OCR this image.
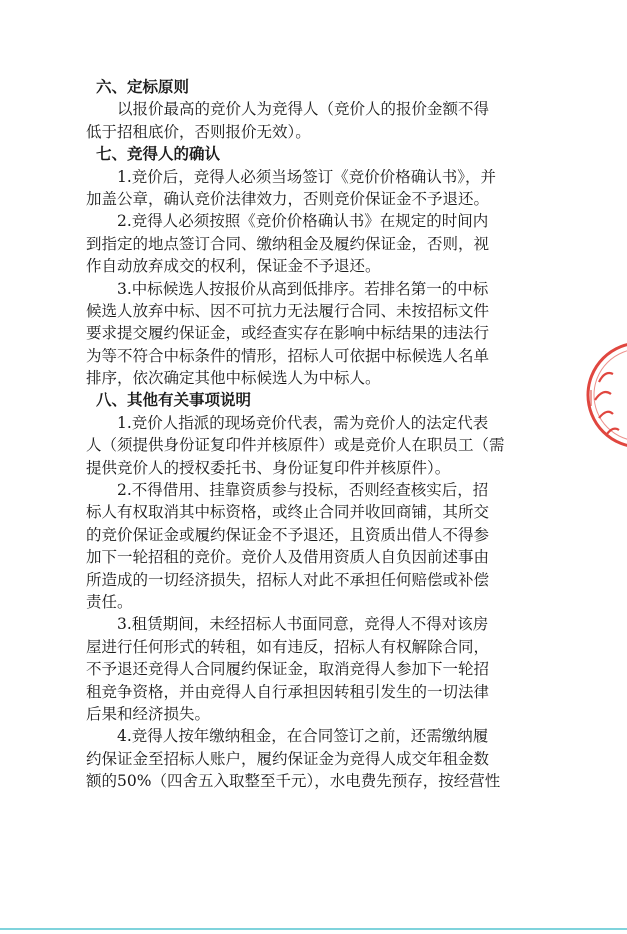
六、定标原则
以报价最高的竞价人为竞得人（竞价人的报价金额不得
低于招租底价，否则报价无效）。
七、竞得人的确认
1.竞价后，竞得人必须当场签订《竞价价格确认书》，并
加盖公章，确认竞价法律效力，否则竞价保证金不予退还。
2.竞得人必须按照《竞价价格确认书》在规定的时间内
到指定的地点签订合同、缴纳租金及履约保证金，否则，视
作自动放弃成交的权利，保证金不予退还。
3.中标候选人按报价从高到低排序。若排名第一的中标
候选人放弃中标、因不可抗力无法履行合同、未按招标文件
要求提交履约保证金，或经查实存在影响中标结果的违法行
为等不符合中标条件的情形，招标人可依据中标候选人名单
排序，依次确定其他中标候选人为中标人。
八、其他有关事项说明
1.竞价人指派的现场竞价代表，需为竞价人的法定代表
人（须提供身份证复印件并核原件）或是竞价人在职员工（需
提供竞价人的授权委托书、身份证复印件并核原件）。
2.不得借用、挂靠资质参与投标，否则经查核实后，招
标人有权取消其中标资格，或终止合同并收回商铺，其所交
的竞价保证金或履约保证金不予退还，且资质出借人不得参
加下一轮招租的竞价。竞价人及借用资质人自负因前述事由
所造成的一切经济损失，招标人对此不承担任何赔偿或补偿
责任。
3.租赁期间，未经招标人书面同意，竞得人不得对该房
屋进行任何形式的转租，如有违反，招标人有权解除合同，
不予退还竞得人合同履约保证金，取消竞得人参加下一轮招
租竞争资格，并由竞得人自行承担因转租引发生的一切法律
后果和经济损失。
4.竞得人按年缴纳租金，在合同签订之前，还需缴纳履
约保证金至招标人账户，履约保证金为竞得人成交年租金数
额的50%（四舍五入取整至千元），水电费先预存，按经营性
